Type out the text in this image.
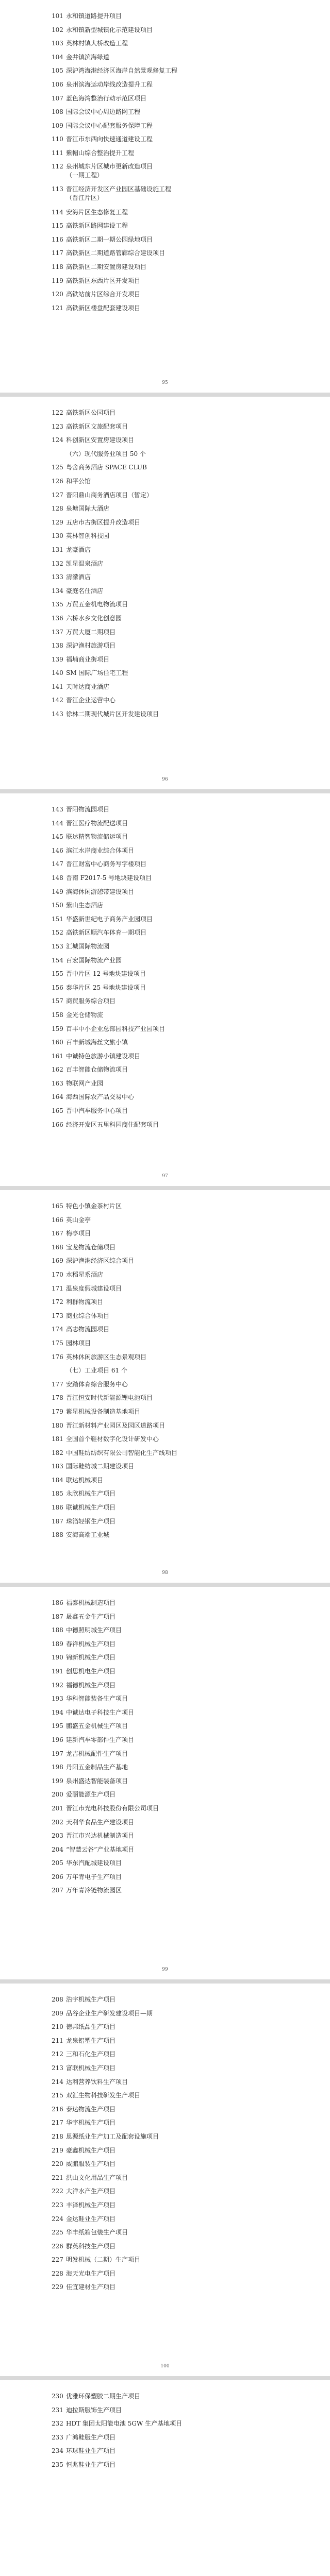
101 永和镇道路提升项目
102 永和镇新型城镇化示范建设项目
103 英林村镇大桥改造工程
104 金井镇滨海绿道
105 深沪湾海港经济区海岸自然景观修复工程
106 泉州滨海运动岸线改造提升工程
107 蓝色海湾整治行动示范区项目
108 国际会议中心周边路网工程
109 国际会议中心配套服务保障工程
110 晋江市东西向快速通道建设工程
111 紫帽山综合整治提升工程
112 泉州城东片区城市更新改造项目
（一期工程）
113 晋江经济开发区产业园区基础设施工程
（晋江片区）
114 安海片区生态修复工程
115 高铁新区路网建设工程
116 高铁新区二期一期公园绿地项目
117 高铁新区二期道路管廊综合建设项目
118 高铁新区二期安置房建设项目
119 高铁新区东西片区开发项目
120 高铁站前片区综合开发项目
121 高铁新区楼盘配套建设项目
95
122 高铁新区公园项目
123 高铁新区文旅配套项目
124 科创新区安置房建设项目
（六）现代服务业项目 50 个
125 粤舍商务酒店 SPACE CLUB
126 和平公馆
127 晋阳鼎山商务酒店项目（暂定）
128 泉塘国际大酒店
129 五店市古街区提升改造项目
130 英林智创科技园
131 龙豪酒店
132 凯星温泉酒店
133 清濛酒店
134 豪庭名仕酒店
135 万贸五金机电物流项目
136 六桥水乡文化创意园
137 万贸大厦二期项目
138 深沪渔村旅游项目
139 福埔商业街项目
140 SM 国际广场住宅工程
141 天时达商业酒店
142 晋江企业运营中心
143 徐林二期现代城片区开发建设项目
96
143 晋阳物流园项目
144 晋江医疗物流配送项目
145 联达精智物流储运项目
146 滨江水岸商业综合体项目
147 晋江财富中心商务写字楼项目
148 晋南 F2017-5 号地块建设项目
149 滨海休闲游憩带建设项目
150 紫山生态酒店
151 华盛新世纪电子商务产业园项目
152 高铁新区顺汽车体育一期项目
153 汇城国际物流园
154 百宏国际物流产业园
155 晋中片区 12 号地块建设项目
156 泰华片区 25 号地块建设项目
157 商贸服务综合项目
158 金光仓储物流
159 百丰中小企业总部园科技产业园项目
160 百丰新城海丝文旅小镇
161 中诚特色旅游小镇建设项目
162 百丰智能仓储物流项目
163 物联网产业园
164 海西国际农产品交易中心
165 晋中汽车服务中心项目
166 经济开发区五里科园商住配套项目
97
165 特色小镇金茶村片区
166 英山金亭
167 梅亭项目
168 宝龙物流仓储项目
169 深沪渔港经济区综合项目
170 水稻星系酒店
171 温泉度假城建设项目
172 利群物流项目
173 商业综合体项目
174 高志物流园项目
175 园林项目
176 英林休闲旅游区生态景观项目
（七）工业项目 61 个
177 安踏体育综合服务中心
178 晋江恒安时代新能源锂电池项目
179 紫星机械设备制造基地项目
180 晋江新材料产业园区及园区道路项目
181 全国首个鞋材数字化设计研发中心
182 中国鞋纺纺织有限公司智能化生产线项目
183 国际鞋纺城二期建设项目
184 联达机械项目
185 永欣机械生产项目
186 联诚机械生产项目
187 珠箔轻钢生产项目
188 安海高端工业城
98
186 福泰机械制造项目
187 晟鑫五金生产项目
188 中德照明城生产项目
189 春祥机械生产项目
190 锦新机械生产项目
191 创思机电生产项目
192 福德机械生产项目
193 华科智能装备生产项目
194 中诚达电子科技生产项目
195 鹏盛五金机械生产项目
196 建新汽车零部件生产项目
197 龙吉机械配件生产项目
198 丹阳五金制品生产基地
199 泉州盛达智能装备项目
200 爱丽能源生产项目
201 晋江市光电科技股份有限公司项目
202 天利华食品生产建设项目
203 晋江市兴达机械制造项目
204 “智慧云谷”产业基地项目
205 华东汽配城建设项目
206 万年青电子生产项目
207 万年青冷链物流园区
99
208 浩宇机械生产项目
209 品谷企业生产研发建设项目—期
210 德邦纸品生产项目
211 龙泉铝塑生产项目
212 三和石化生产项目
213 富联机械生产项目
214 达利营养饮料生产项目
215 双汇生物科技研发生产项目
216 泰达物流生产项目
217 华宇机械生产项目
218 思源纸业生产加工及配套设施项目
219 豪鑫机械生产项目
220 威鹏服装生产项目
221 洪山文化用品生产项目
222 大洋水产生产项目
223 丰泽机械生产项目
224 金达鞋业生产项目
225 华丰纸箱包装生产项目
226 群英科技生产项目
227 明发机械（二期）生产项目
228 海天光电生产项目
229 佳宜建材生产项目
100
230 优雅环保塑胶二期生产项目
231 迪拉斯服饰生产项目
232 HDT 集团太阳能电池 5GW 生产基地项目
233 广鸿鞋服生产项目
234 环球鞋业生产项目
235 恒兆鞋业生产项目
